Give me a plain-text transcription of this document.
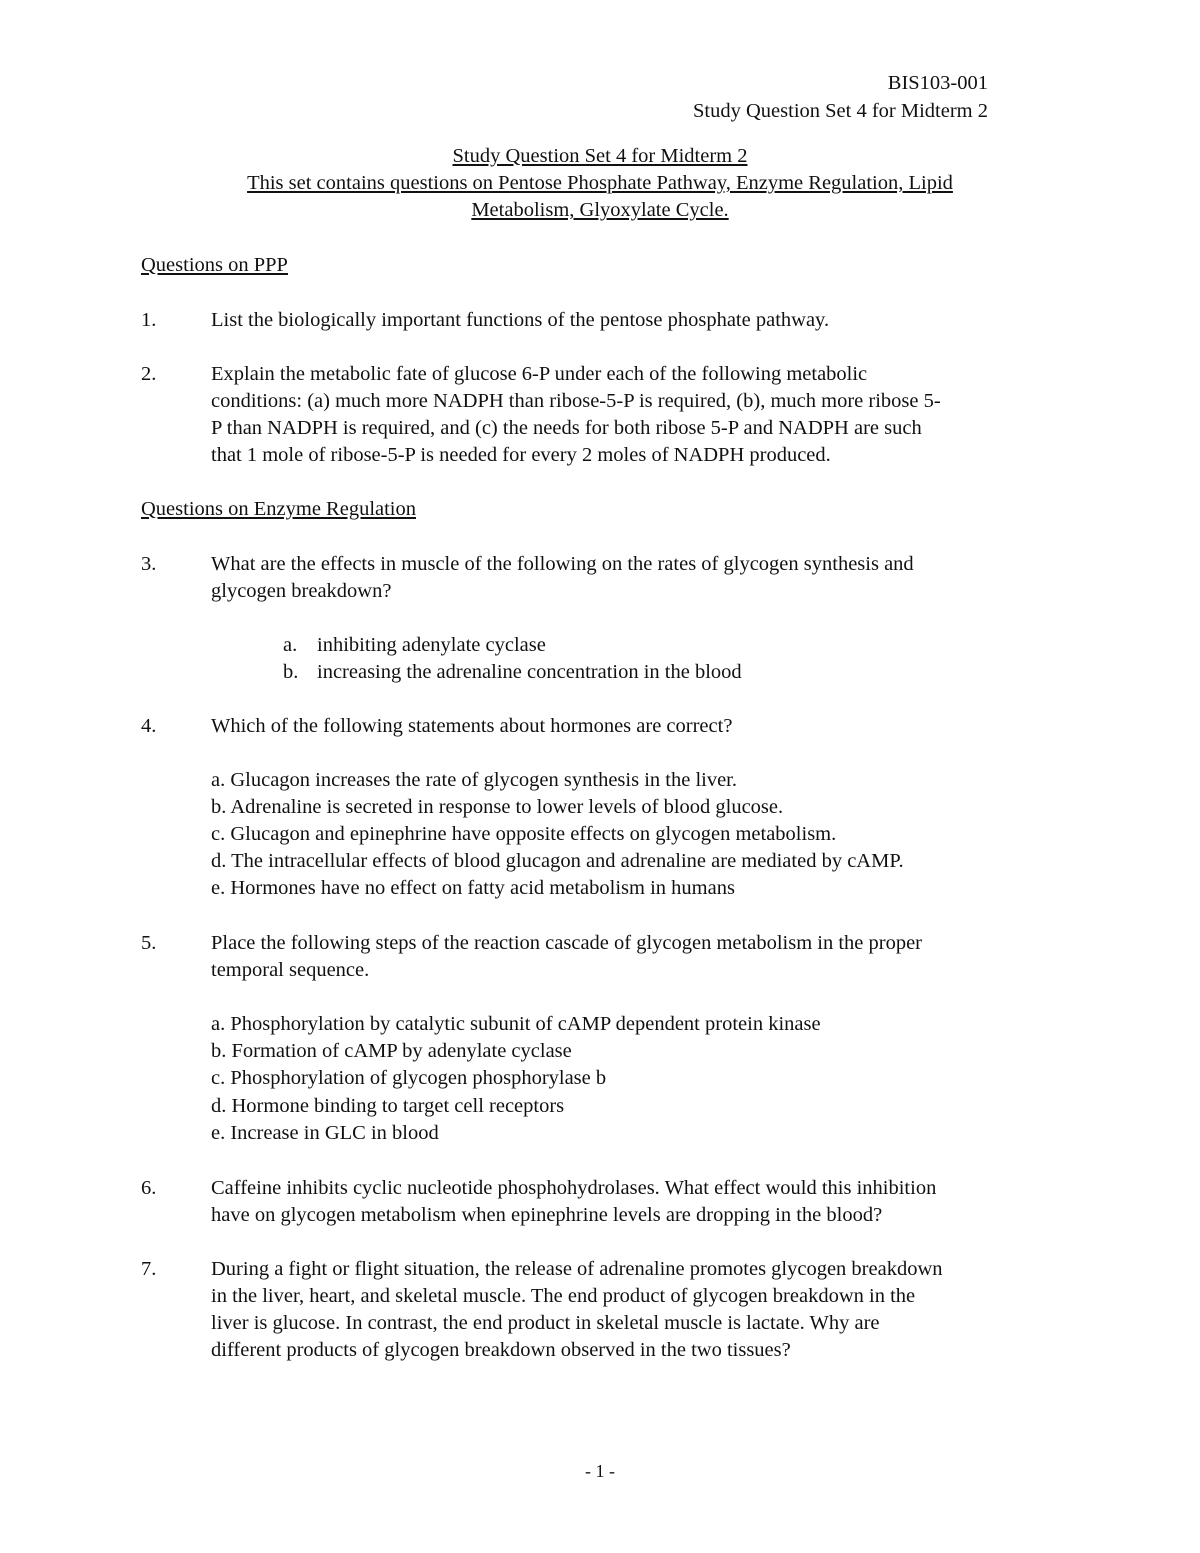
BIS103-001
Study Question Set 4 for Midterm 2
Study Question Set 4 for Midterm 2
This set contains questions on Pentose Phosphate Pathway, Enzyme Regulation, Lipid
Metabolism, Glyoxylate Cycle.
Questions on PPP
1.	List the biologically important functions of the pentose phosphate pathway.
2.	Explain the metabolic fate of glucose 6-P under each of the following metabolic
conditions: (a) much more NADPH than ribose-5-P is required, (b), much more ribose 5-
P than NADPH is required, and (c) the needs for both ribose 5-P and NADPH are such
that 1 mole of ribose-5-P is needed for every 2 moles of NADPH produced.
Questions on Enzyme Regulation
3.	What are the effects in muscle of the following on the rates of glycogen synthesis and
glycogen breakdown?
a. inhibiting adenylate cyclase
b. increasing the adrenaline concentration in the blood
4.	Which of the following statements about hormones are correct?
a. Glucagon increases the rate of glycogen synthesis in the liver.
b. Adrenaline is secreted in response to lower levels of blood glucose.
c. Glucagon and epinephrine have opposite effects on glycogen metabolism.
d. The intracellular effects of blood glucagon and adrenaline are mediated by cAMP.
e. Hormones have no effect on fatty acid metabolism in humans
5.	Place the following steps of the reaction cascade of glycogen metabolism in the proper
temporal sequence.
a. Phosphorylation by catalytic subunit of cAMP dependent protein kinase
b. Formation of cAMP by adenylate cyclase
c. Phosphorylation of glycogen phosphorylase b
d. Hormone binding to target cell receptors
e. Increase in GLC in blood
6.	Caffeine inhibits cyclic nucleotide phosphohydrolases. What effect would this inhibition
have on glycogen metabolism when epinephrine levels are dropping in the blood?
7.	During a fight or flight situation, the release of adrenaline promotes glycogen breakdown
in the liver, heart, and skeletal muscle. The end product of glycogen breakdown in the
liver is glucose. In contrast, the end product in skeletal muscle is lactate. Why are
different products of glycogen breakdown observed in the two tissues?
- 1 -
